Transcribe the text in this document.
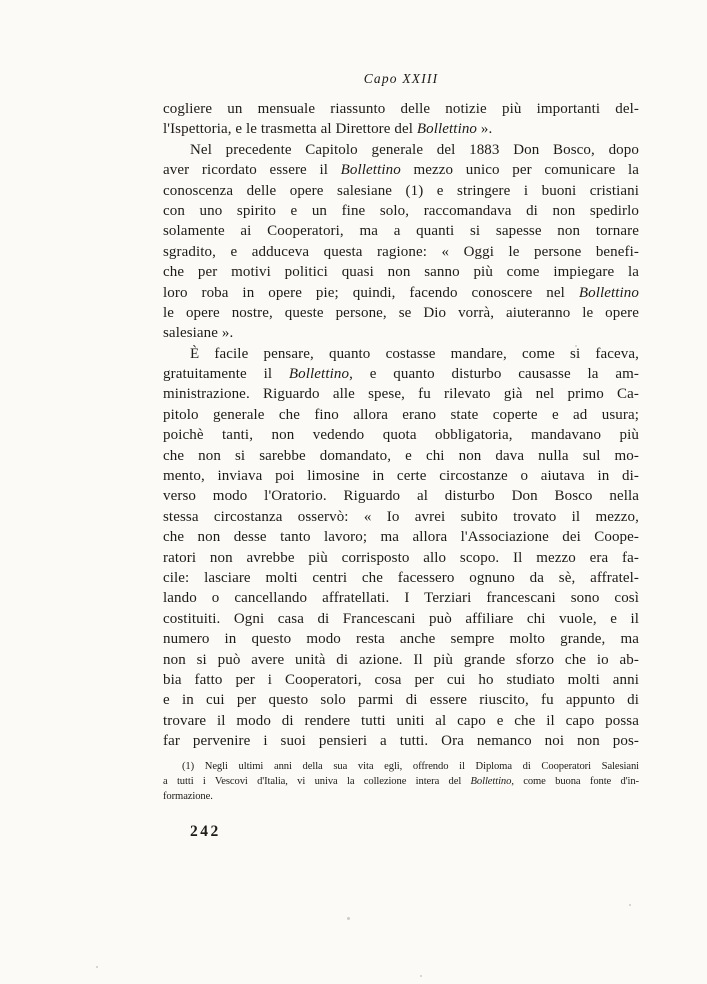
Capo XXIII
cogliere un mensuale riassunto delle notizie più importanti del-
l'Ispettoria, e le trasmetta al Direttore del Bollettino ».
Nel precedente Capitolo generale del 1883 Don Bosco, dopo
aver ricordato essere il Bollettino mezzo unico per comunicare la
conoscenza delle opere salesiane (1) e stringere i buoni cristiani
con uno spirito e un fine solo, raccomandava di non spedirlo
solamente ai Cooperatori, ma a quanti si sapesse non tornare
sgradito, e adduceva questa ragione: « Oggi le persone benefi-
che per motivi politici quasi non sanno più come impiegare la
loro roba in opere pie; quindi, facendo conoscere nel Bollettino
le opere nostre, queste persone, se Dio vorrà, aiuteranno le opere
salesiane ».
È facile pensare, quanto costasse mandare, come si faceva,
gratuitamente il Bollettino, e quanto disturbo causasse la am-
ministrazione. Riguardo alle spese, fu rilevato già nel primo Ca-
pitolo generale che fino allora erano state coperte e ad usura;
poichè tanti, non vedendo quota obbligatoria, mandavano più
che non si sarebbe domandato, e chi non dava nulla sul mo-
mento, inviava poi limosine in certe circostanze o aiutava in di-
verso modo l'Oratorio. Riguardo al disturbo Don Bosco nella
stessa circostanza osservò: « Io avrei subito trovato il mezzo,
che non desse tanto lavoro; ma allora l'Associazione dei Coope-
ratori non avrebbe più corrisposto allo scopo. Il mezzo era fa-
cile: lasciare molti centri che facessero ognuno da sè, affratel-
lando o cancellando affratellati. I Terziari francescani sono così
costituiti. Ogni casa di Francescani può affiliare chi vuole, e il
numero in questo modo resta anche sempre molto grande, ma
non si può avere unità di azione. Il più grande sforzo che io ab-
bia fatto per i Cooperatori, cosa per cui ho studiato molti anni
e in cui per questo solo parmi di essere riuscito, fu appunto di
trovare il modo di rendere tutti uniti al capo e che il capo possa
far pervenire i suoi pensieri a tutti. Ora nemanco noi non pos-
(1) Negli ultimi anni della sua vita egli, offrendo il Diploma di Cooperatori Salesiani
a tutti i Vescovi d'Italia, vi univa la collezione intera del Bollettino, come buona fonte d'in-
formazione.
242
